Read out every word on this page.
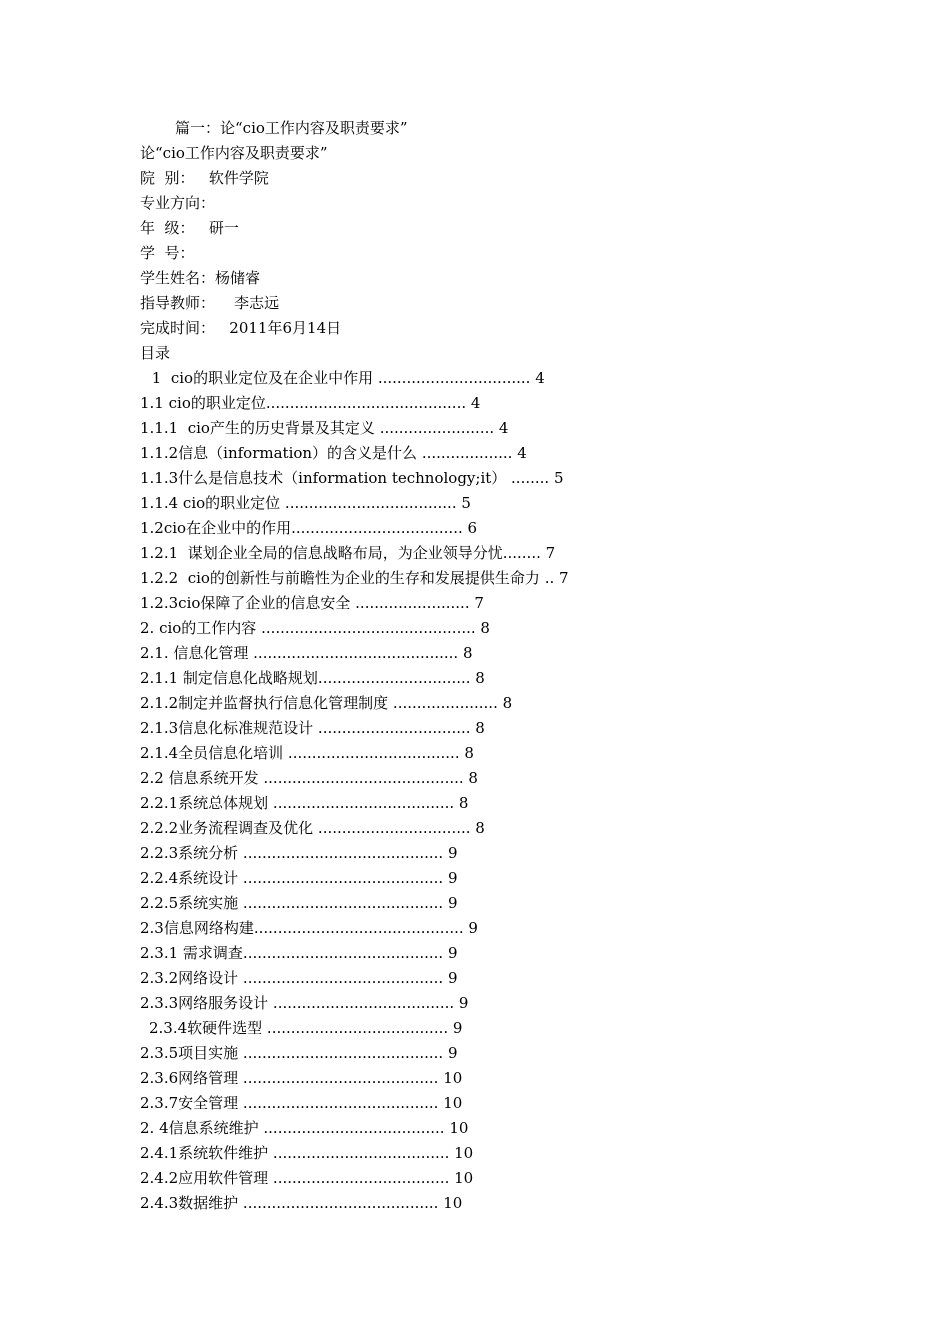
篇一：论“cio工作内容及职责要求”
论“cio工作内容及职责要求”
院  别：   软件学院
专业方向：
年  级：   研一
学  号：
学生姓名：杨储睿
指导教师：    李志远
完成时间：   2011年6月14日
目录
1  cio的职业定位及在企业中作用 ................................ 4
1.1 cio的职业定位.......................................... 4
1.1.1  cio产生的历史背景及其定义 ........................ 4
1.1.2信息（information）的含义是什么 ................... 4
1.1.3什么是信息技术（information technology;it） ........ 5
1.1.4 cio的职业定位 .................................... 5
1.2cio在企业中的作用.................................... 6
1.2.1  谋划企业全局的信息战略布局，为企业领导分忧........ 7
1.2.2  cio的创新性与前瞻性为企业的生存和发展提供生命力 .. 7
1.2.3cio保障了企业的信息安全 ........................ 7
2. cio的工作内容 ............................................. 8
2.1. 信息化管理 ........................................... 8
2.1.1 制定信息化战略规划................................ 8
2.1.2制定并监督执行信息化管理制度 ...................... 8
2.1.3信息化标准规范设计 ................................ 8
2.1.4全员信息化培训 .................................... 8
2.2 信息系统开发 .......................................... 8
2.2.1系统总体规划 ...................................... 8
2.2.2业务流程调查及优化 ................................ 8
2.2.3系统分析 .......................................... 9
2.2.4系统设计 .......................................... 9
2.2.5系统实施 .......................................... 9
2.3信息网络构建............................................ 9
2.3.1 需求调查.......................................... 9
2.3.2网络设计 .......................................... 9
2.3.3网络服务设计 ...................................... 9
2.3.4软硬件选型 ...................................... 9
2.3.5项目实施 .......................................... 9
2.3.6网络管理 ......................................... 10
2.3.7安全管理 ......................................... 10
2. 4信息系统维护 ...................................... 10
2.4.1系统软件维护 ..................................... 10
2.4.2应用软件管理 ..................................... 10
2.4.3数据维护 ......................................... 10
